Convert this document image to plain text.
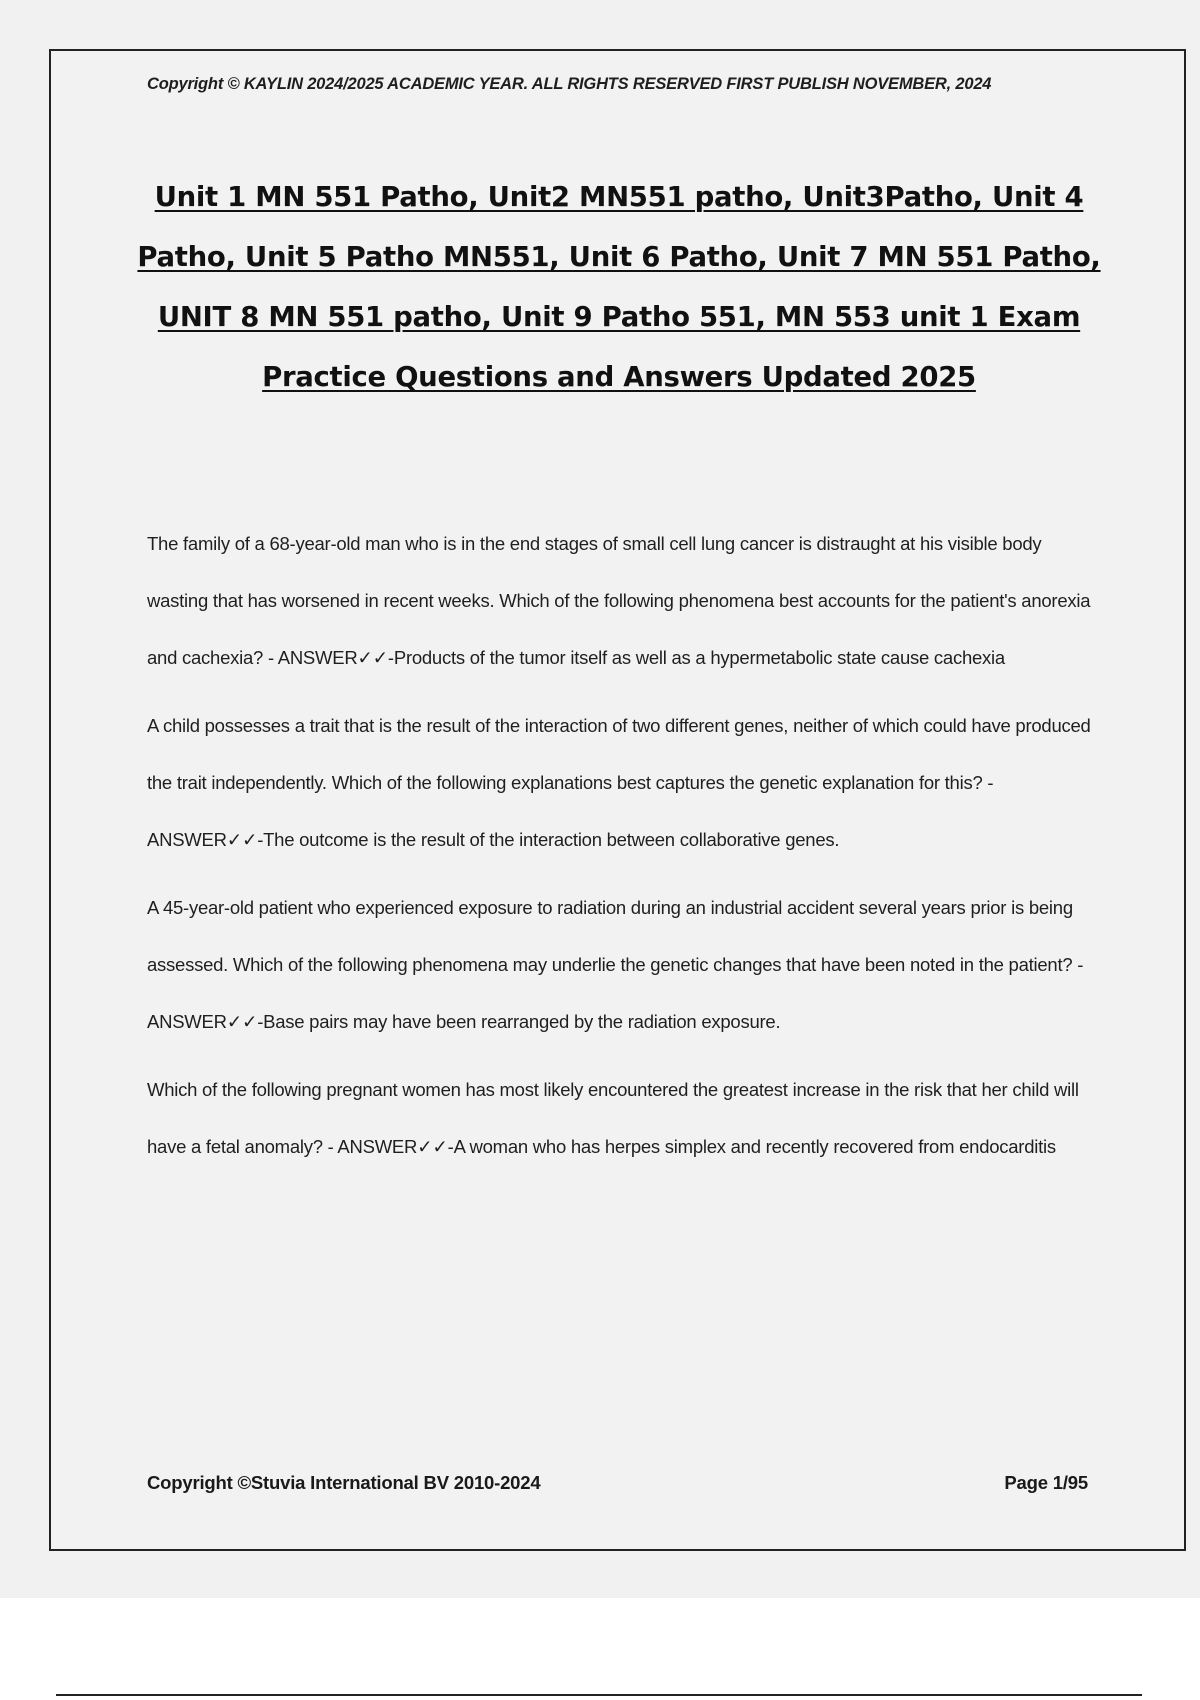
Copyright © KAYLIN 2024/2025 ACADEMIC YEAR. ALL RIGHTS RESERVED FIRST PUBLISH NOVEMBER, 2024
Unit 1 MN 551 Patho, Unit2 MN551 patho, Unit3Patho, Unit 4 Patho, Unit 5 Patho MN551, Unit 6 Patho, Unit 7 MN 551 Patho, UNIT 8 MN 551 patho, Unit 9 Patho 551, MN 553 unit 1 Exam Practice Questions and Answers Updated 2025

The family of a 68-year-old man who is in the end stages of small cell lung cancer is distraught at his visible body wasting that has worsened in recent weeks. Which of the following phenomena best accounts for the patient's anorexia and cachexia? - ANSWER✓✓-Products of the tumor itself as well as a hypermetabolic state cause cachexia

A child possesses a trait that is the result of the interaction of two different genes, neither of which could have produced the trait independently. Which of the following explanations best captures the genetic explanation for this? - ANSWER✓✓-The outcome is the result of the interaction between collaborative genes.

A 45-year-old patient who experienced exposure to radiation during an industrial accident several years prior is being assessed. Which of the following phenomena may underlie the genetic changes that have been noted in the patient? - ANSWER✓✓-Base pairs may have been rearranged by the radiation exposure.

Which of the following pregnant women has most likely encountered the greatest increase in the risk that her child will have a fetal anomaly? - ANSWER✓✓-A woman who has herpes simplex and recently recovered from endocarditis

Copyright ©Stuvia International BV 2010-2024	Page 1/95
